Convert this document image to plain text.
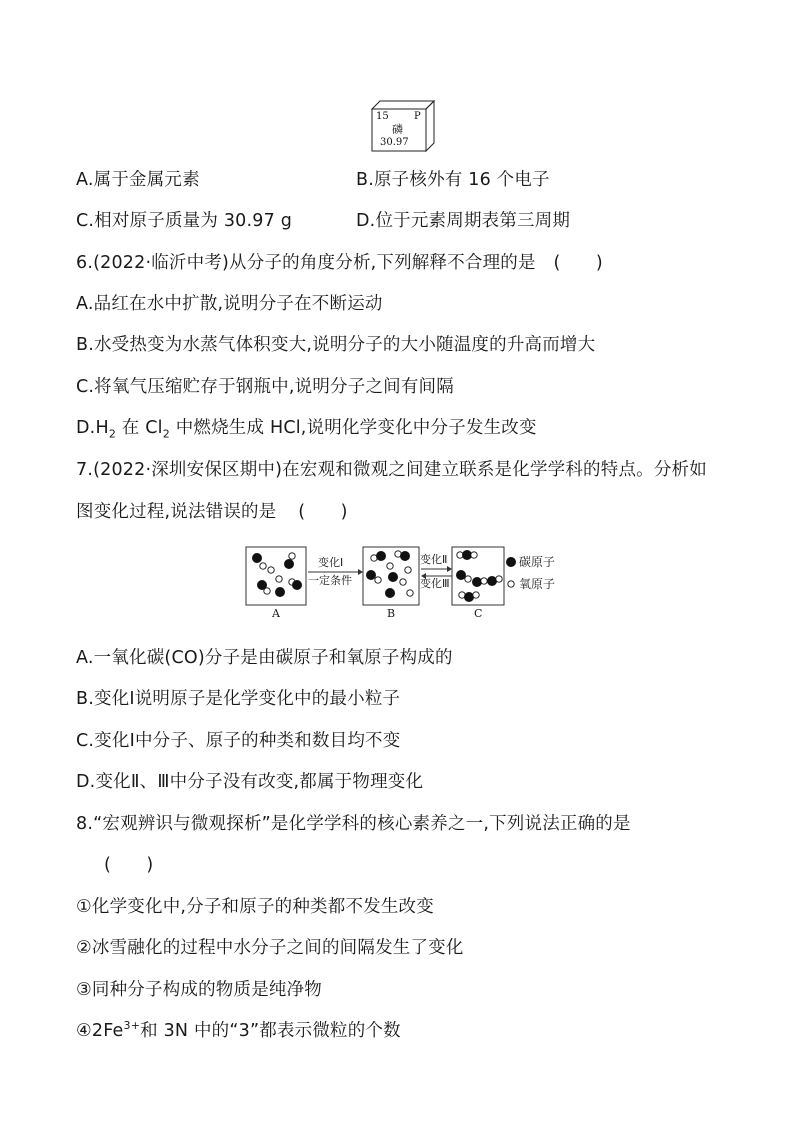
15	P
磷
30.97
A.属于金属元素	B.原子核外有 16 个电子
C.相对原子质量为 30.97 g	D.位于元素周期表第三周期
6.(2022·临沂中考)从分子的角度分析,下列解释不合理的是 (　　)
A.品红在水中扩散,说明分子在不断运动
B.水受热变为水蒸气体积变大,说明分子的大小随温度的升高而增大
C.将氧气压缩贮存于钢瓶中,说明分子之间有间隔
$D.H_2$ 在 $Cl_2$ 中燃烧生成 HCl,说明化学变化中分子发生改变
7.(2022·深圳安保区期中)在宏观和微观之间建立联系是化学学科的特点。分析如
图变化过程,说法错误的是 (　　)
变化Ⅰ
一定条件
变化Ⅱ
变化Ⅲ
A	B	C
碳原子
氧原子
A.一氧化碳(CO)分子是由碳原子和氧原子构成的
B.变化Ⅰ说明原子是化学变化中的最小粒子
C.变化Ⅰ中分子、原子的种类和数目均不变
D.变化Ⅱ、Ⅲ中分子没有改变,都属于物理变化
8.“宏观辨识与微观探析”是化学学科的核心素养之一,下列说法正确的是
(　　)
①化学变化中,分子和原子的种类都不发生改变
②冰雪融化的过程中水分子之间的间隔发生了变化
③同种分子构成的物质是纯净物
$④2Fe^{3+}$和 3N 中的“3”都表示微粒的个数
